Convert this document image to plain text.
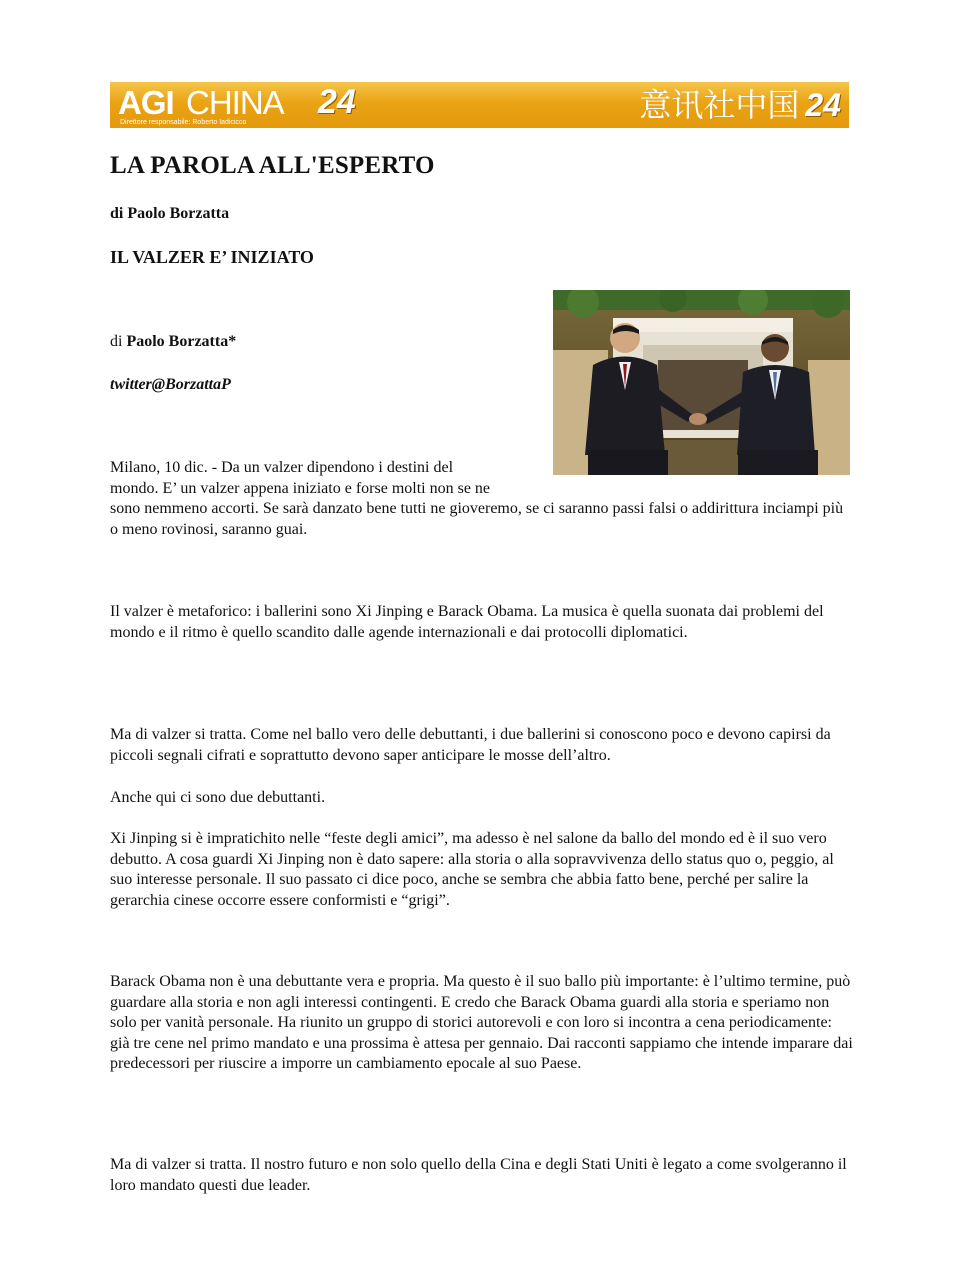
AGI CHINA 24
Direttore responsabile: Roberto Iadicicco	意讯社中国 24
LA PAROLA ALL'ESPERTO

di Paolo Borzatta

IL VALZER E’ INIZIATO

di Paolo Borzatta*

twitter@BorzattaP

Milano, 10 dic. - Da un valzer dipendono i destini del
mondo. E’ un valzer appena iniziato e forse molti non se ne

sono nemmeno accorti. Se sarà danzato bene tutti ne gioveremo, se ci saranno passi falsi o addirittura inciampi più o meno rovinosi, saranno guai.

Il valzer è metaforico: i ballerini sono Xi Jinping e Barack Obama. La musica è quella suonata dai problemi del mondo e il ritmo è quello scandito dalle agende internazionali e dai protocolli diplomatici.

Ma di valzer si tratta. Come nel ballo vero delle debuttanti, i due ballerini si conoscono poco e devono capirsi da piccoli segnali cifrati e soprattutto devono saper anticipare le mosse dell’altro.

Anche qui ci sono due debuttanti.

Xi Jinping si è impratichito nelle “feste degli amici”, ma adesso è nel salone da ballo del mondo ed è il suo vero debutto. A cosa guardi Xi Jinping non è dato sapere: alla storia o alla sopravvivenza dello status quo o, peggio, al suo interesse personale. Il suo passato ci dice poco, anche se sembra che abbia fatto bene, perché per salire la gerarchia cinese occorre essere conformisti e “grigi”.

Barack Obama non è una debuttante vera e propria. Ma questo è il suo ballo più importante: è l’ultimo termine, può guardare alla storia e non agli interessi contingenti. E credo che Barack Obama guardi alla storia e speriamo non solo per vanità personale. Ha riunito un gruppo di storici autorevoli e con loro si incontra a cena periodicamente: già tre cene nel primo mandato e una prossima è attesa per gennaio. Dai racconti sappiamo che intende imparare dai predecessori per riuscire a imporre un cambiamento epocale al suo Paese.

Ma di valzer si tratta. Il nostro futuro e non solo quello della Cina e degli Stati Uniti è legato a come svolgeranno il loro mandato questi due leader.
